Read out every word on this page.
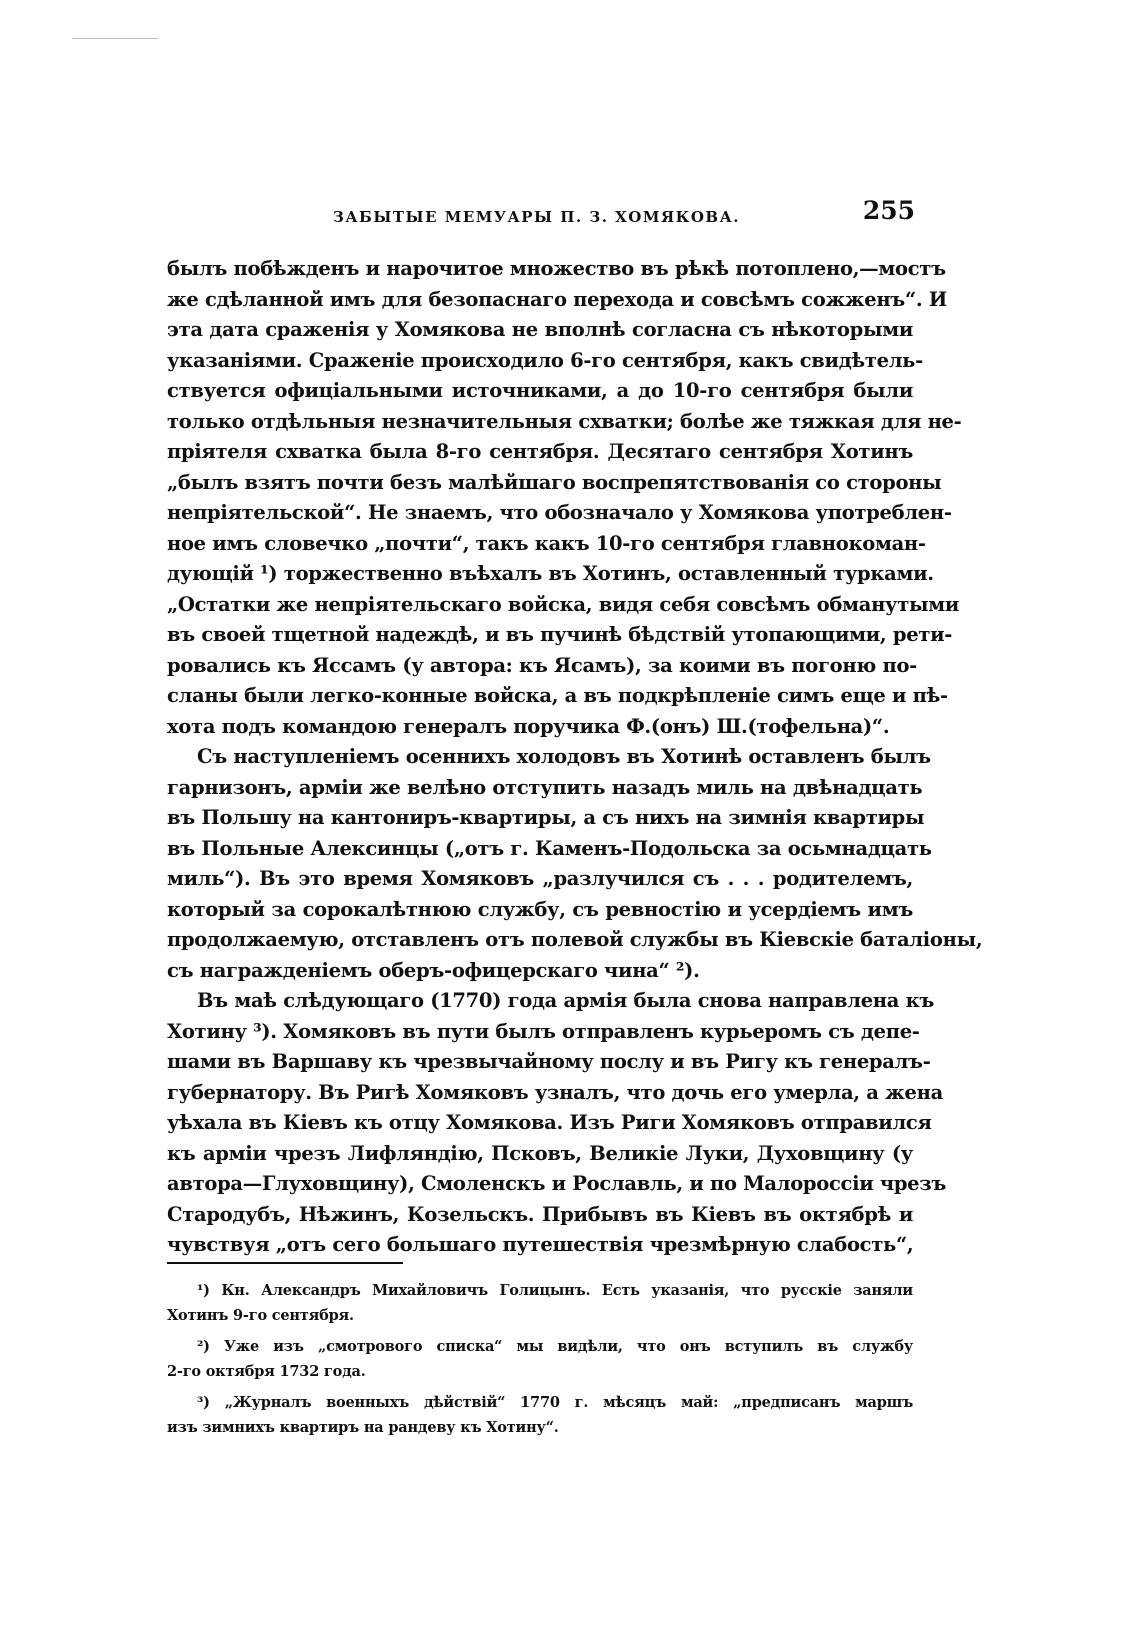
ЗАБЫТЫЕ МЕМУАРЫ П. З. ХОМЯКОВА.	255
былъ побѣжденъ и нарочитое множество въ рѣкѣ потоплено,—мостъ
же сдѣланной имъ для безопаснаго перехода и совсѣмъ сожженъ“. И
эта дата сраженія у Хомякова не вполнѣ согласна съ нѣкоторыми
указаніями. Сраженіе происходило 6-го сентября, какъ свидѣтель-
ствуется офиціальными источниками, а до 10-го сентября были
только отдѣльныя незначительныя схватки; болѣе же тяжкая для не-
пріятеля схватка была 8-го сентября. Десятаго сентября Хотинъ
„былъ взятъ почти безъ малѣйшаго воспрепятствованія со стороны
непріятельской“. Не знаемъ, что обозначало у Хомякова употреблен-
ное имъ словечко „почти“, такъ какъ 10-го сентября главнокоман-
дующій ¹) торжественно въѣхалъ въ Хотинъ, оставленный турками.
„Остатки же непріятельскаго войска, видя себя совсѣмъ обманутыми
въ своей тщетной надеждѣ, и въ пучинѣ бѣдствій утопающими, рети-
ровались къ Яссамъ (у автора: къ Ясамъ), за коими въ погоню по-
сланы были легко-конные войска, а въ подкрѣпленіе симъ еще и пѣ-
хота подъ командою генералъ поручика Ф.(онъ) Ш.(тофельна)“.
Съ наступленіемъ осеннихъ холодовъ въ Хотинѣ оставленъ былъ
гарнизонъ, арміи же велѣно отступить назадъ миль на двѣнадцать
въ Польшу на кантониръ-квартиры, а съ нихъ на зимнія квартиры
въ Польные Алексинцы („отъ г. Каменъ-Подольска за осьмнадцать
миль“). Въ это время Хомяковъ „разлучился съ . . . родителемъ,
который за сорокалѣтнюю службу, съ ревностію и усердіемъ имъ
продолжаемую, отставленъ отъ полевой службы въ Кіевскіе баталіоны,
съ награжденіемъ оберъ-офицерскаго чина“ ²).
Въ маѣ слѣдующаго (1770) года армія была снова направлена къ
Хотину ³). Хомяковъ въ пути былъ отправленъ курьеромъ съ депе-
шами въ Варшаву къ чрезвычайному послу и въ Ригу къ генералъ-
губернатору. Въ Ригѣ Хомяковъ узналъ, что дочь его умерла, а жена
уѣхала въ Кіевъ къ отцу Хомякова. Изъ Риги Хомяковъ отправился
къ арміи чрезъ Лифляндію, Псковъ, Великіе Луки, Духовщину (у
автора—Глуховщину), Смоленскъ и Рославль, и по Малороссіи чрезъ
Стародубъ, Нѣжинъ, Козельскъ. Прибывъ въ Кіевъ въ октябрѣ и
чувствуя „отъ сего большаго путешествія чрезмѣрную слабость“,
¹) Кн. Александръ Михайловичъ Голицынъ. Есть указанія, что русскіе заняли
Хотинъ 9-го сентября.
²) Уже изъ „смотрового списка“ мы видѣли, что онъ вступилъ въ службу
2-го октября 1732 года.
³) „Журналъ военныхъ дѣйствій“ 1770 г. мѣсяцъ май: „предписанъ маршъ
изъ зимнихъ квартиръ на рандеву къ Хотину“.
